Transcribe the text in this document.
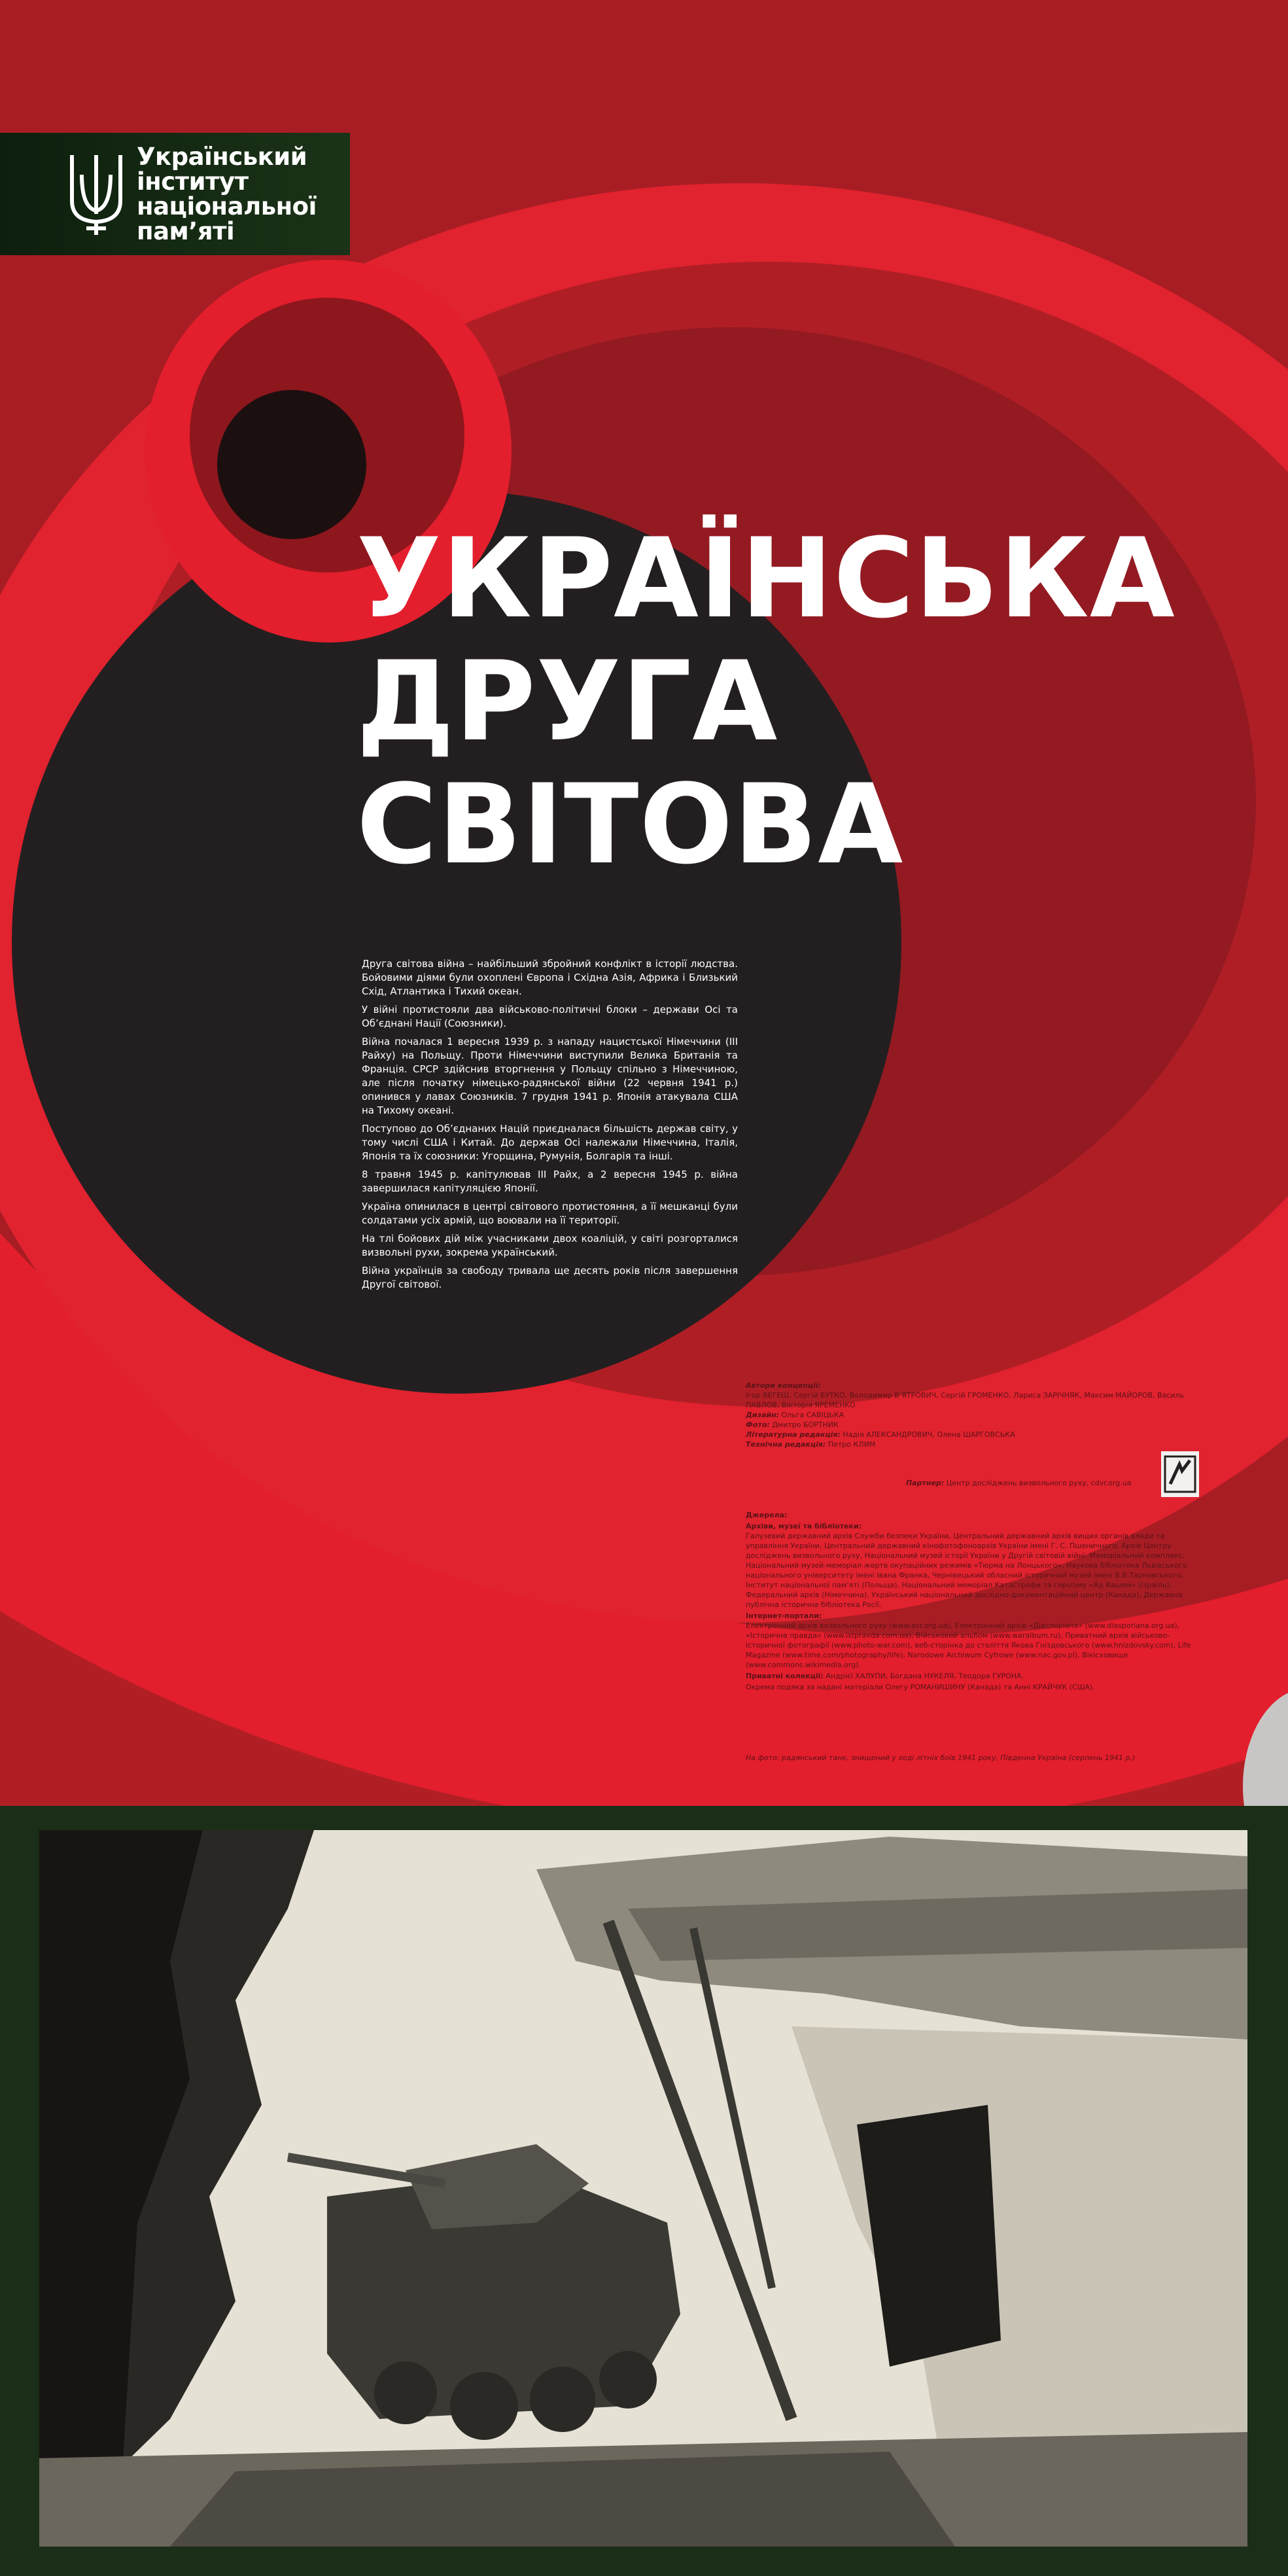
Український
інститут
національної
пам’яті
УКРАЇНСЬКА
ДРУГА
СВІТОВА

Друга світова війна – найбільший збройний конфлікт в історії людства. Бойовими діями були охоплені Європа і Східна Азія, Африка і Близький Схід, Атлантика і Тихий океан.

У війні протистояли два військово-політичні блоки – держави Осі та Об’єднані Нації (Союзники).

Війна почалася 1 вересня 1939 р. з нападу нацистської Німеччини (ІІІ Райху) на Польщу. Проти Німеччини виступили Велика Британія та Франція. СРСР здійснив вторгнення у Польщу спільно з Німеччиною, але після початку німецько-радянської війни (22 червня 1941 р.) опинився у лавах Союзників. 7 грудня 1941 р. Японія атакувала США на Тихому океані.

Поступово до Об’єднаних Націй приєдналася більшість держав світу, у тому числі США і Китай. До держав Осі належали Німеччина, Італія, Японія та їх союзники: Угорщина, Румунія, Болгарія та інші.

8 травня 1945 р. капітулював ІІІ Райх, а 2 вересня 1945 р. війна завершилася капітуляцією Японії.

Україна опинилася в центрі світового протистояння, а її мешканці були солдатами усіх армій, що воювали на її території.

На тлі бойових дій між учасниками двох коаліцій, у світі розгорталися визвольні рухи, зокрема український.

Війна українців за свободу тривала ще десять років після завершення Другої світової.

Автори концепції:

Ігор ВЕГЕШ, Сергій БУТКО, Володимир В’ЯТРОВИЧ, Сергій ГРОМЕНКО, Лариса ЗАРІЧНЯК, Максим МАЙОРОВ, Василь ПАВЛОВ, Вікторія ЯРЕМЕНКО

Дизайн: Ольга САВІЦЬКА

Фото: Дмитро БОРТНИК

Літературна редакція: Надія АЛЕКСАНДРОВИЧ, Олена ШАРГОВСЬКА

Технічна редакція: Петро КЛИМ

Партнер: Центр досліджень визвольного руху, cdvr.org.ua

Джерела:

Архіви, музеї та бібліотеки:
Галузевий державний архів Служби безпеки України, Центральний державний архів вищих органів влади та управління України, Центральний державний кінофотофоноархів України імені Г. С. Пшеничного, Архів Центру досліджень визвольного руху, Національний музей історії України у Другій світовій війні. Меморіальний комплекс, Національний музей-меморіал жертв окупаційних режимів «Тюрма на Лонцького», Наукова бібліотека Львівського національного університету імені Івана Франка, Чернівецький обласний історичний музей імені В.В.Тарновського, Інститут національної пам’яті (Польща), Національний меморіал Катастрофи та героїзму «Яд Вашем» (Ізраїль), Федеральний архів (Німеччина), Український національний дослідно-документаційний центр (Канада), Державна публічна історична бібліотека Росії.

Інтернет-портали:
Електронний архів визвольного руху (www.avr.org.ua), Електронний архів «Діаспоріана» (www.diasporiana.org.ua), «Історична правда» (www.istpravda.com.ua), Військовий альбом (www.waralbum.ru), Приватний архів військово-історичної фотографії (www.photo-war.com), веб-сторінка до століття Якова Гніздовського (www.hnizdovsky.com), Life Magazine (www.time.com/photography/life), Narodowe Archiwum Cyfrowe (www.nac.gov.pl), Вікісховище (www.commons.wikimedia.org).

Приватні колекції: Андрієї ХАЛУПИ, Богдана НУКЕЛЯ, Теодора ГУРОНА.

Окрема подяка за надані матеріали Олегу РОМАНИШИНУ (Канада) та Анні КРАЙЧУК (США).

На фото: радянський танк, знищений у ході літніх боїв 1941 року, Південна Україна (серпень 1941 р.)
